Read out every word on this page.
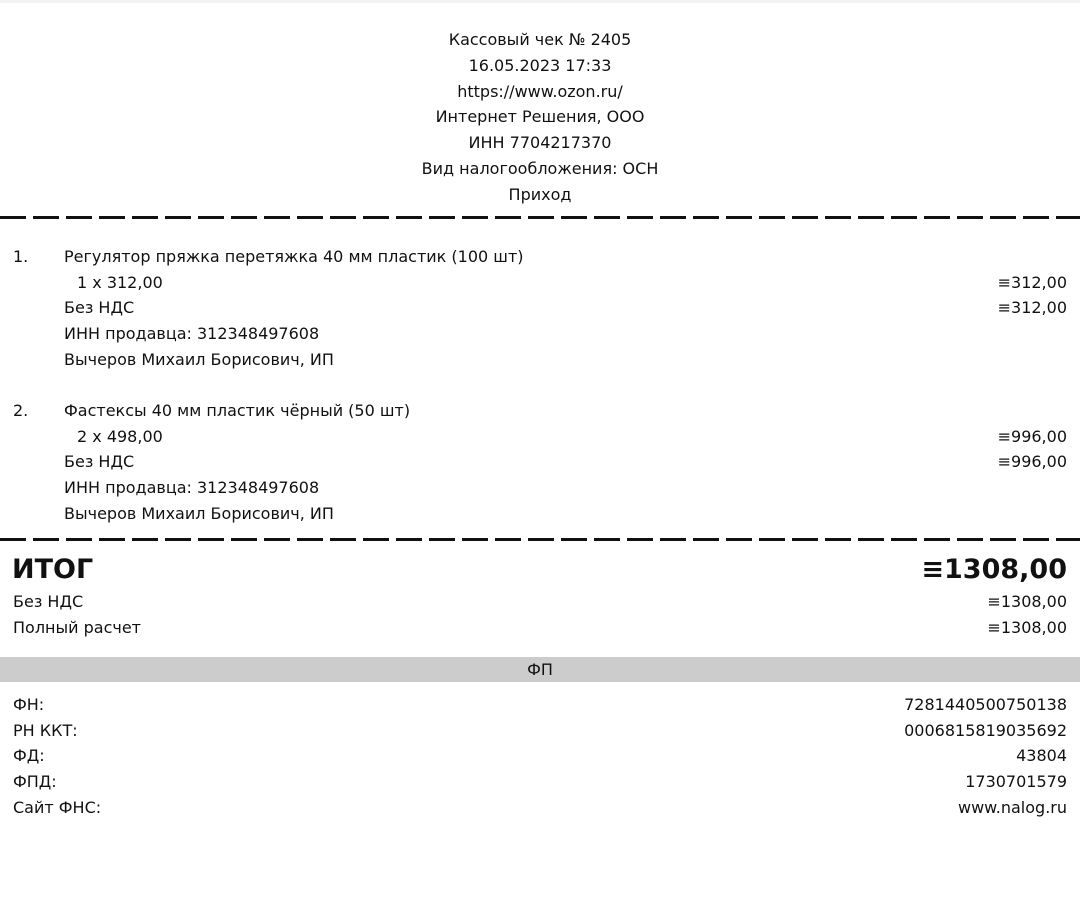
Кассовый чек № 2405
16.05.2023 17:33
https://www.ozon.ru/
Интернет Решения, ООО
ИНН 7704217370
Вид налогообложения: ОСН
Приход
1. Регулятор пряжка перетяжка 40 мм пластик (100 шт)
1 х 312,00	≡312,00
Без НДС	≡312,00
ИНН продавца: 312348497608
Вычеров Михаил Борисович, ИП
2. Фастексы 40 мм пластик чёрный (50 шт)
2 х 498,00	≡996,00
Без НДС	≡996,00
ИНН продавца: 312348497608
Вычеров Михаил Борисович, ИП
ИТОГ	≡1308,00
Без НДС	≡1308,00
Полный расчет	≡1308,00
ФП
ФН:	7281440500750138
РН ККТ:	0006815819035692
ФД:	43804
ФПД:	1730701579
Сайт ФНС:	www.nalog.ru
